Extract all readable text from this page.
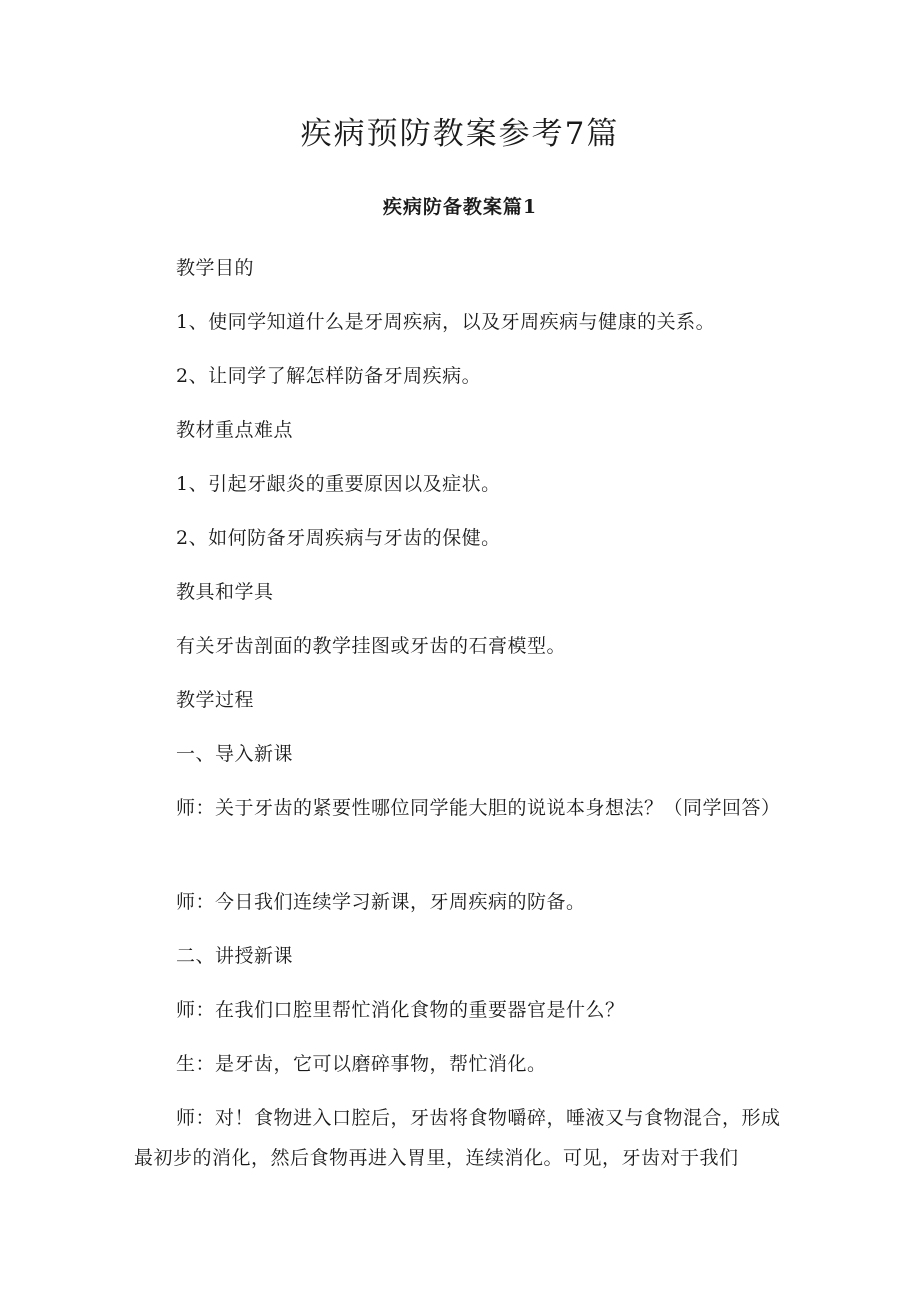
疾病预防教案参考7篇
疾病防备教案篇1

教学目的

1、使同学知道什么是牙周疾病，以及牙周疾病与健康的关系。

2、让同学了解怎样防备牙周疾病。

教材重点难点

1、引起牙龈炎的重要原因以及症状。

2、如何防备牙周疾病与牙齿的保健。

教具和学具

有关牙齿剖面的教学挂图或牙齿的石膏模型。

教学过程

一、导入新课

师：关于牙齿的紧要性哪位同学能大胆的说说本身想法？（同学回答）

师：今日我们连续学习新课，牙周疾病的防备。

二、讲授新课

师：在我们口腔里帮忙消化食物的重要器官是什么？

生：是牙齿，它可以磨碎事物，帮忙消化。

师：对！食物进入口腔后，牙齿将食物嚼碎，唾液又与食物混合，形成最初步的消化，然后食物再进入胃里，连续消化。可见，牙齿对于我们
